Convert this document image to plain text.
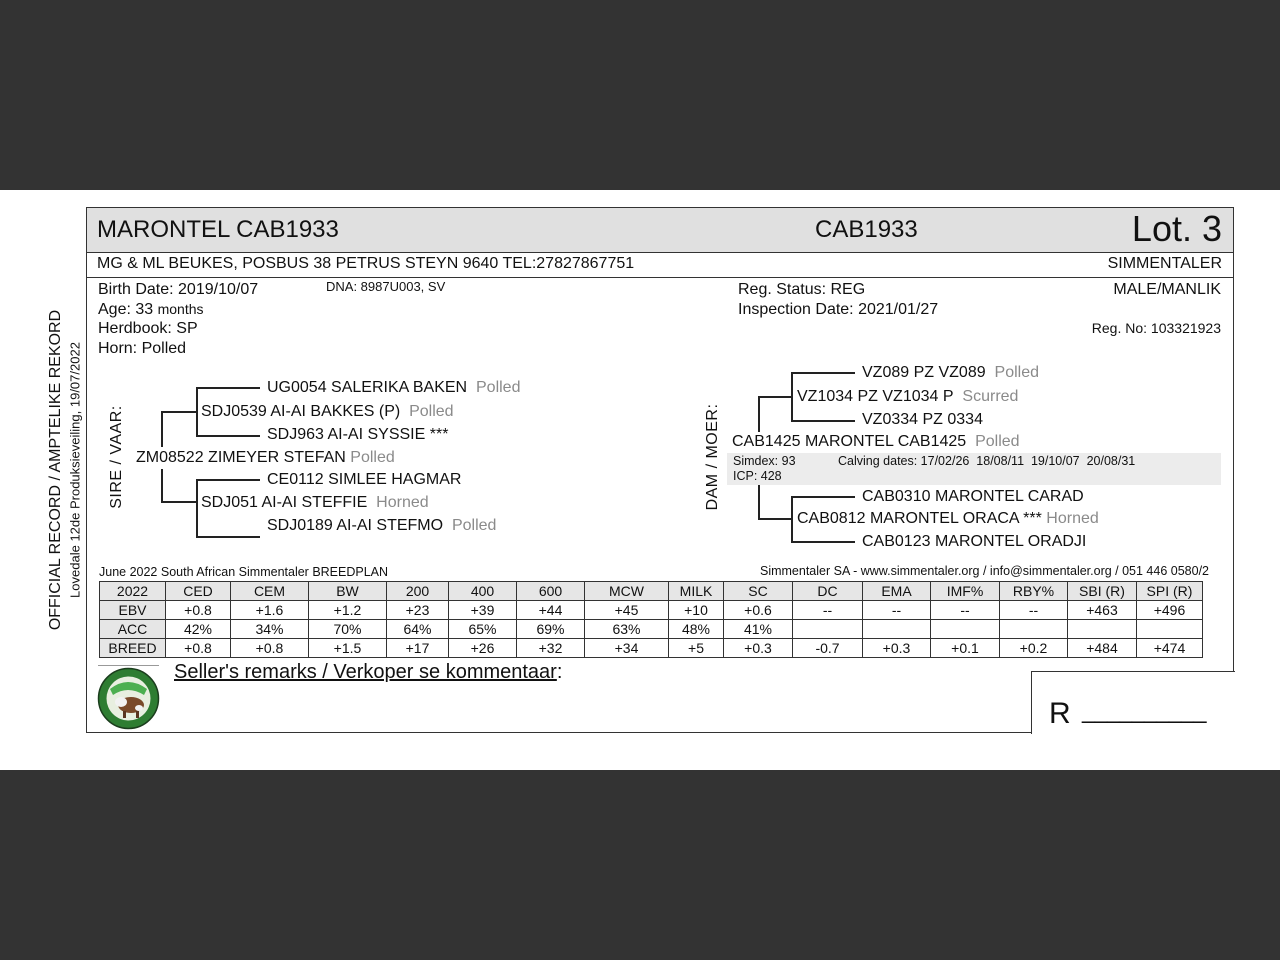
OFFICIAL RECORD / AMPTELIKE REKORD Lovedale 12de Produksieveiling, 19/07/2022
MARONTEL CAB1933	CAB1933	Lot. 3
MG & ML BEUKES, POSBUS 38 PETRUS STEYN 9640 TEL:27827867751	SIMMENTALER
Birth Date: 2019/10/07	DNA: 8987U003, SV
Age: 33 months
Herdbook: SP
Horn: Polled
Reg. Status: REG
Inspection Date: 2021/01/27
MALE/MANLIK
Reg. No: 103321923
SIRE / VAAR:
UG0054 SALERIKA BAKEN Polled
SDJ0539 AI-AI BAKKES (P) Polled
SDJ963 AI-AI SYSSIE ***
ZM08522 ZIMEYER STEFAN Polled
CE0112 SIMLEE HAGMAR
SDJ051 AI-AI STEFFIE Horned
SDJ0189 AI-AI STEFMO Polled
DAM / MOER:
VZ089 PZ VZ089 Polled
VZ1034 PZ VZ1034 P Scurred
VZ0334 PZ 0334
CAB1425 MARONTEL CAB1425 Polled
Simdex: 93	Calving dates: 17/02/26  18/08/11  19/10/07  20/08/31
ICP: 428
CAB0310 MARONTEL CARAD
CAB0812 MARONTEL ORACA *** Horned
CAB0123 MARONTEL ORADJI
June 2022 South African Simmentaler BREEDPLAN	Simmentaler SA - www.simmentaler.org / info@simmentaler.org / 051 446 0580/2
2022	CED	CEM	BW	200	400	600	MCW	MILK	SC	DC	EMA	IMF%	RBY%	SBI (R)	SPI (R)
EBV	+0.8	+1.6	+1.2	+23	+39	+44	+45	+10	+0.6	--	--	--	--	+463	+496
ACC	42%	34%	70%	64%	65%	69%	63%	48%	41%						
BREED	+0.8	+0.8	+1.5	+17	+26	+32	+34	+5	+0.3	-0.7	+0.3	+0.1	+0.2	+484	+474
Seller's remarks / Verkoper se kommentaar:
R __________
